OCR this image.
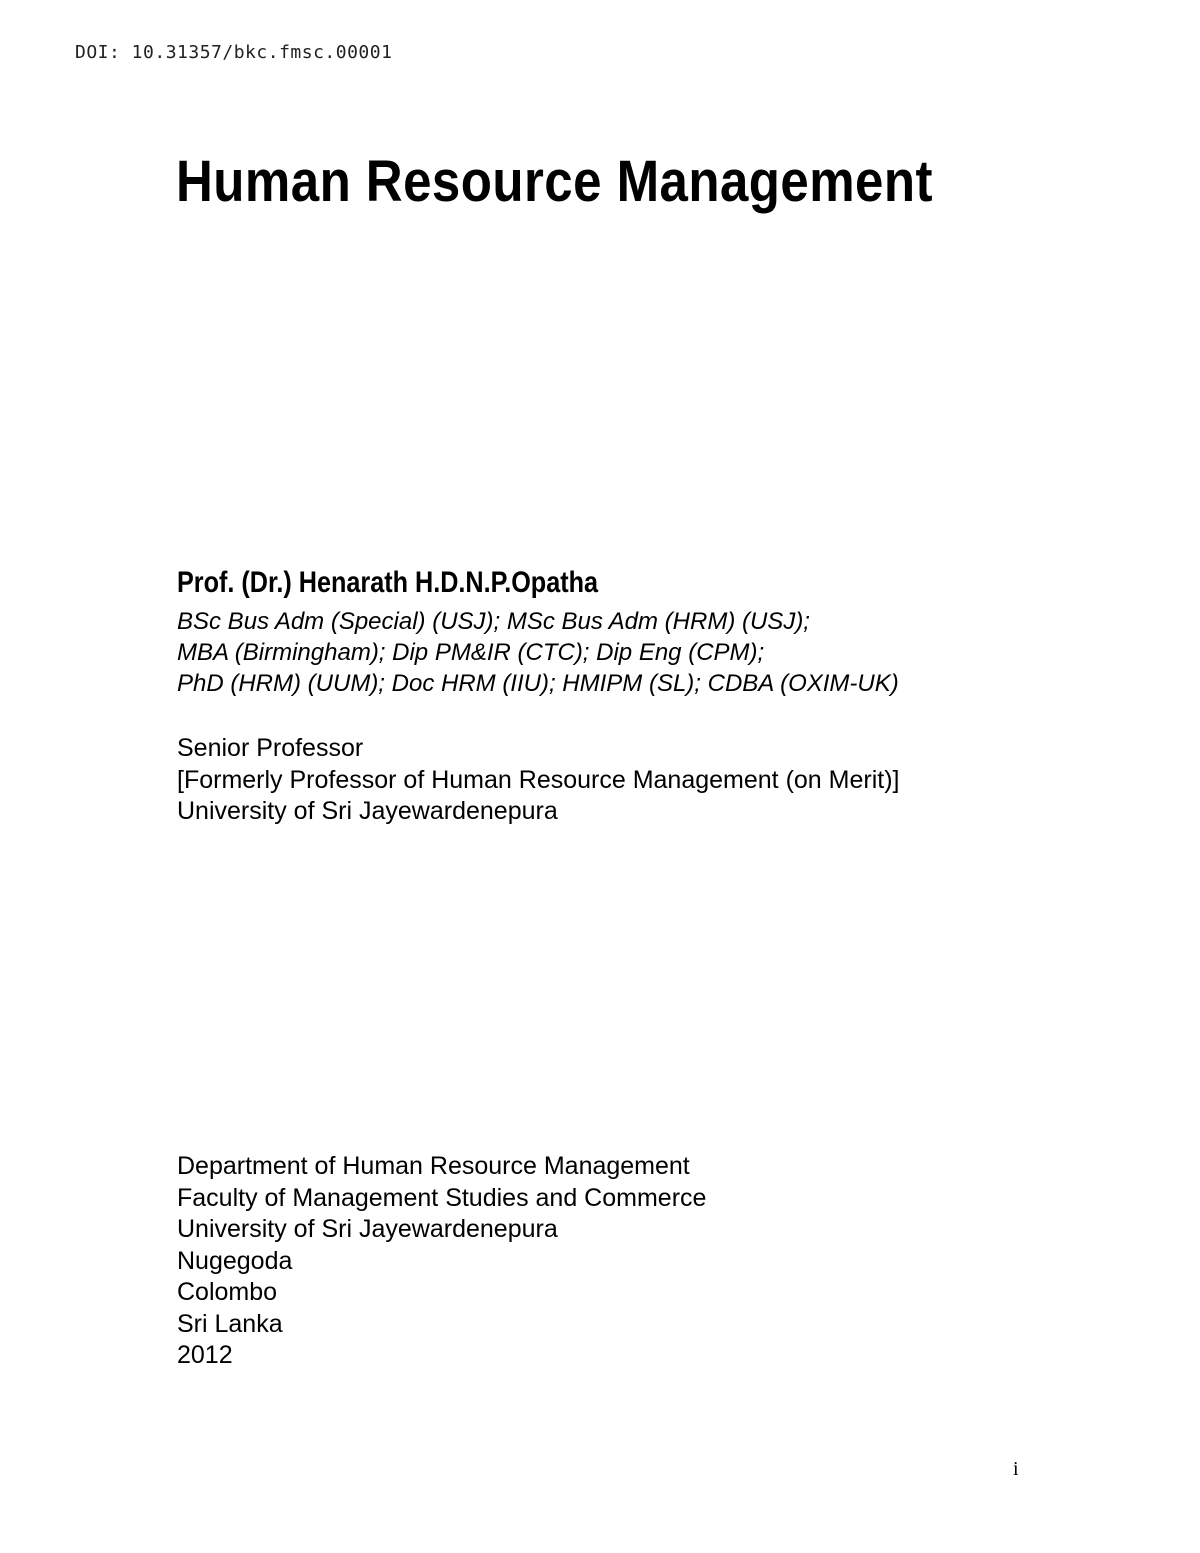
DOI: 10.31357/bkc.fmsc.00001
Human Resource Management
Prof. (Dr.) Henarath H.D.N.P.Opatha
BSc Bus Adm (Special) (USJ); MSc Bus Adm (HRM) (USJ);
MBA (Birmingham); Dip PM&IR (CTC); Dip Eng (CPM);
PhD (HRM) (UUM); Doc HRM (IIU); HMIPM (SL); CDBA (OXIM-UK)
Senior Professor
[Formerly Professor of Human Resource Management (on Merit)]
University of Sri Jayewardenepura
Department of Human Resource Management
Faculty of Management Studies and Commerce
University of Sri Jayewardenepura
Nugegoda
Colombo
Sri Lanka
2012
i
